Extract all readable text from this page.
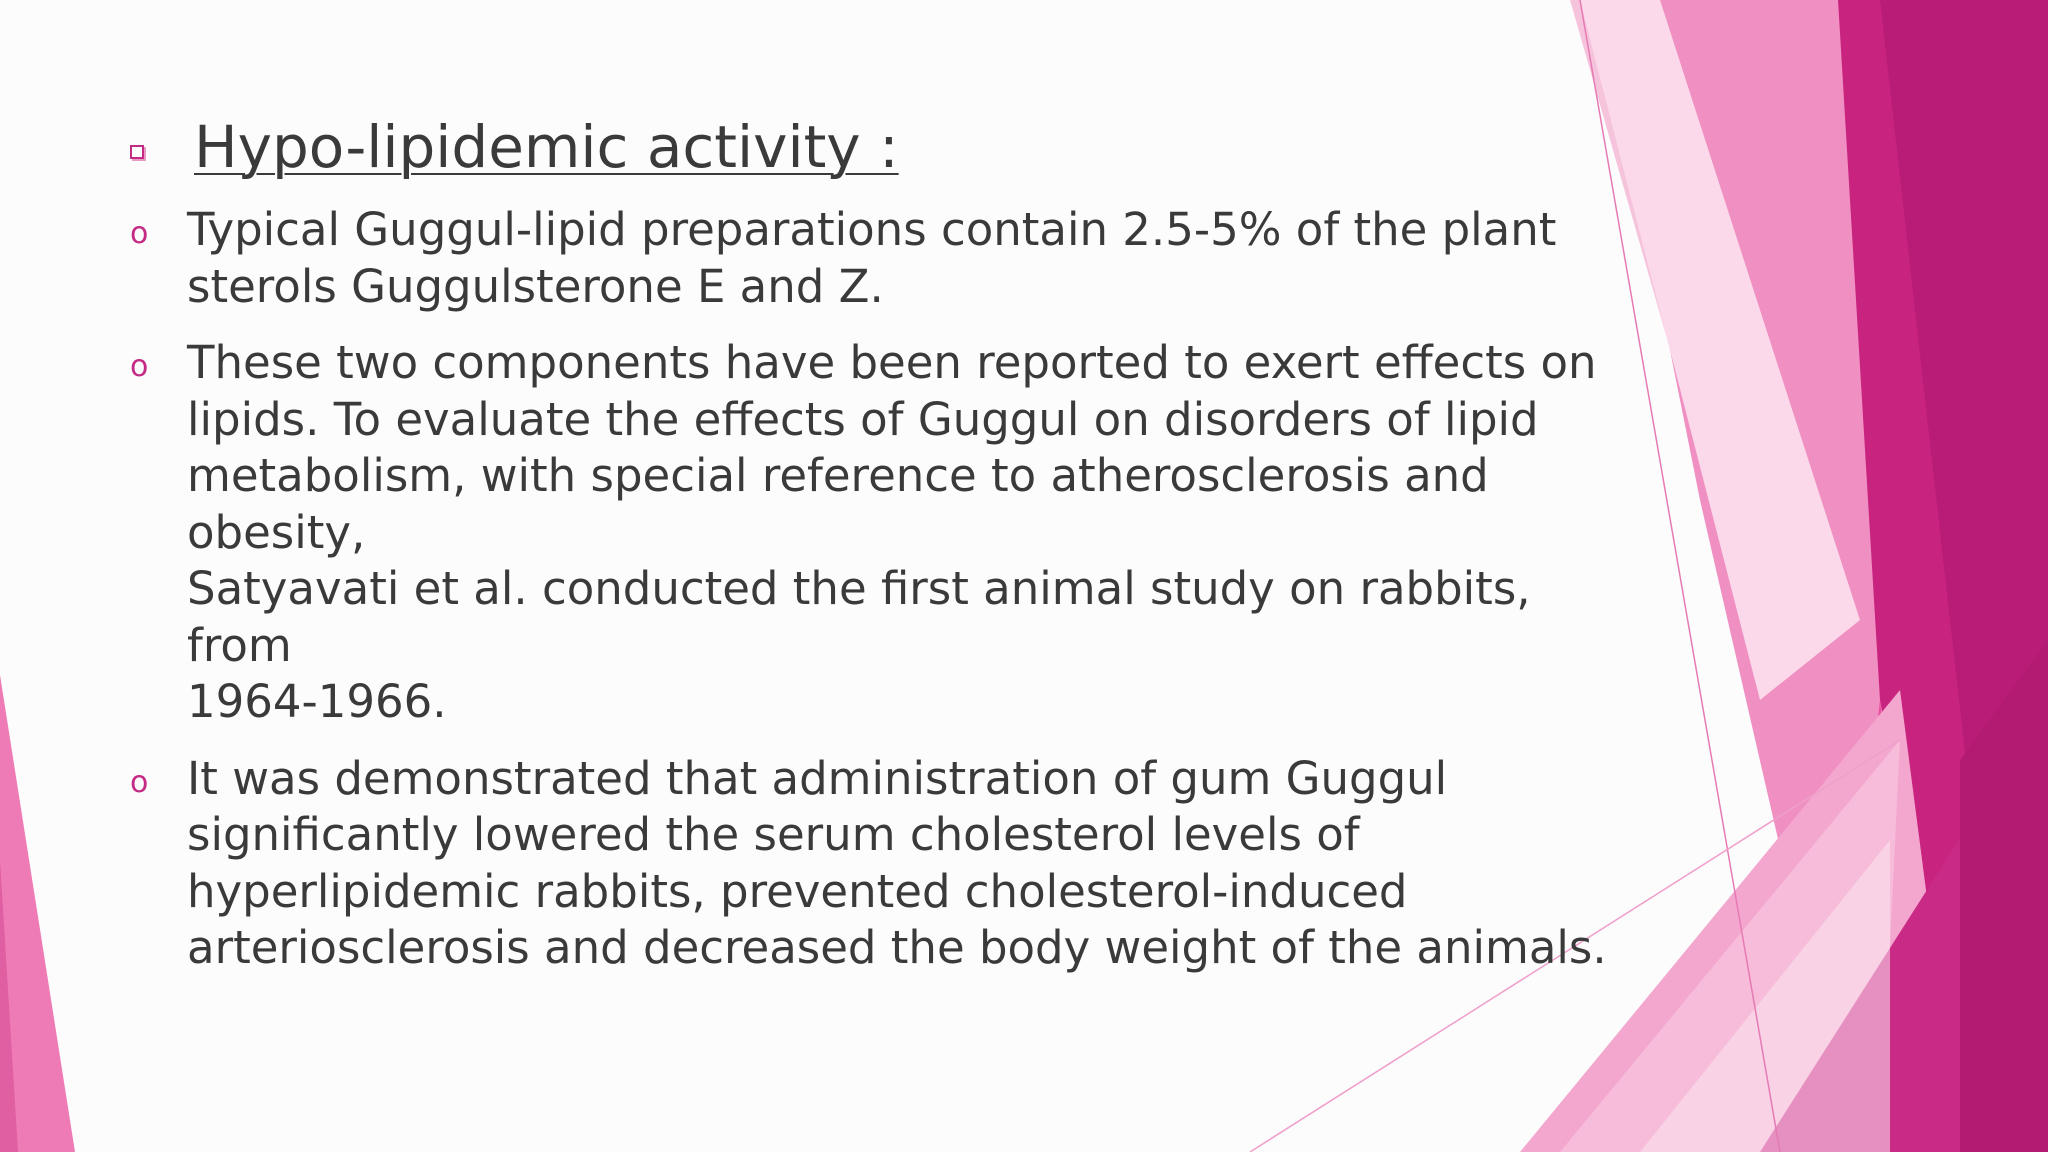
Hypo-lipidemic activity :
o Typical Guggul-lipid preparations contain 2.5-5% of the plant
sterols Guggulsterone E and Z.
o These two components have been reported to exert effects on
lipids. To evaluate the effects of Guggul on disorders of lipid
metabolism, with special reference to atherosclerosis and obesity,
Satyavati et al. conducted the first animal study on rabbits, from
1964-1966.
o It was demonstrated that administration of gum Guggul
significantly lowered the serum cholesterol levels of
hyperlipidemic rabbits, prevented cholesterol-induced
arteriosclerosis and decreased the body weight of the animals.
